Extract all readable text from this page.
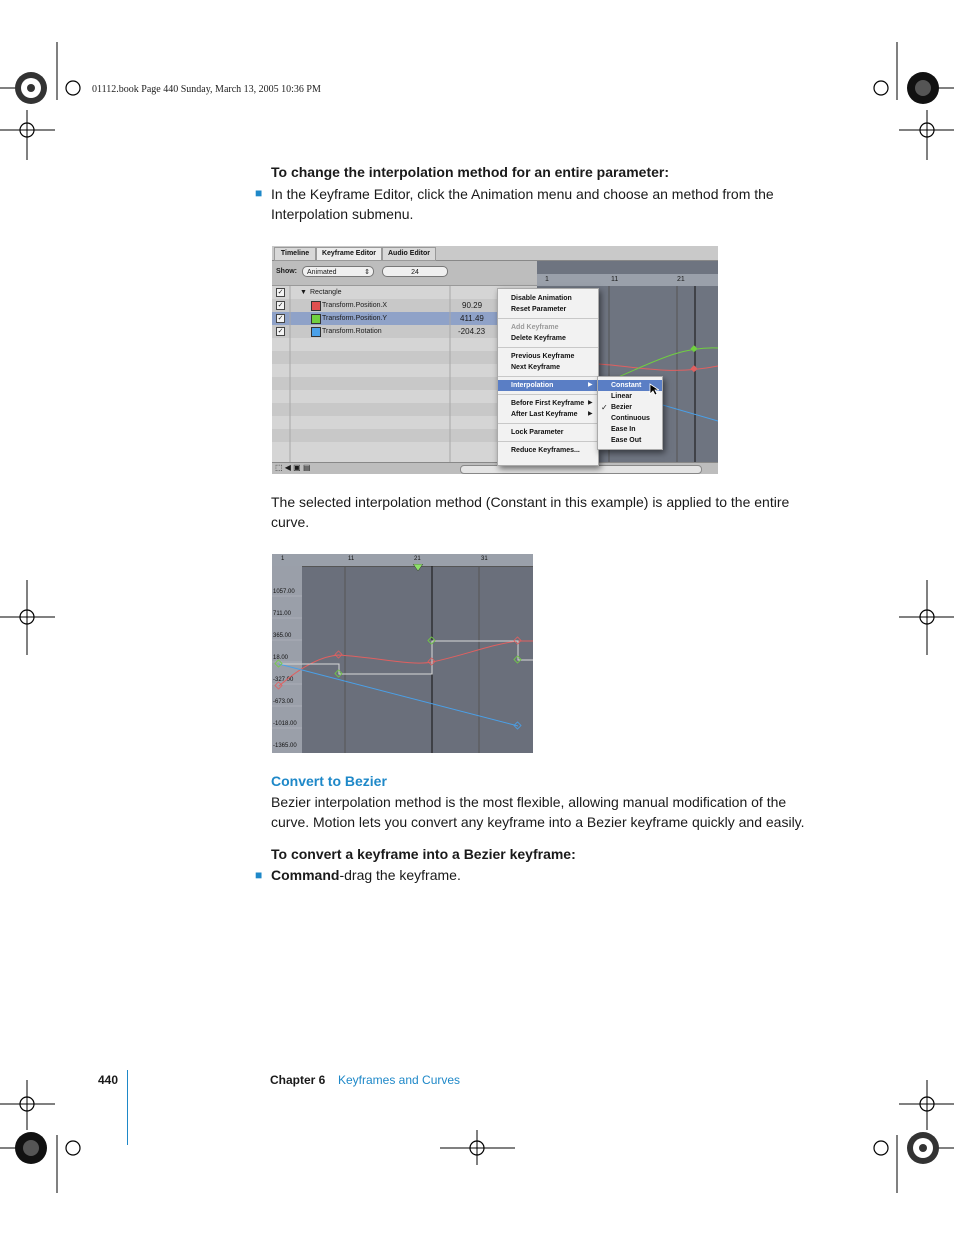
01112.book Page 440 Sunday, March 13, 2005 10:36 PM
To change the interpolation method for an entire parameter:
■ In the Keyframe Editor, click the Animation menu and choose an method from the
Interpolation submenu.
Timeline	Keyframe Editor	Audio Editor
Show:	Animated	⇕	24
✓ ▼ Rectangle
✓	Transform.Position.X	90.29
✓	Transform.Position.Y	411.49
✓	Transform.Rotation	-204.23
1	11	21
⬚ ◀ ▣ ▤
Disable Animation
Reset Parameter
Add Keyframe
Delete Keyframe
Previous Keyframe
Next Keyframe
Interpolation	▶
Before First Keyframe ▶
After Last Keyframe ▶
Lock Parameter
Reduce Keyframes...
Constant
Linear
✓ Bezier
Continuous
Ease In
Ease Out
The selected interpolation method (Constant in this example) is applied to the entire
curve.
1	11	21	31
1057.00
711.00
365.00
18.00
-327.00
-673.00
-1018.00
-1365.00
Convert to Bezier
Bezier interpolation method is the most flexible, allowing manual modification of the
curve. Motion lets you convert any keyframe into a Bezier keyframe quickly and easily.
To convert a keyframe into a Bezier keyframe:
■ Command-drag the keyframe.
440	Chapter 6 Keyframes and Curves
